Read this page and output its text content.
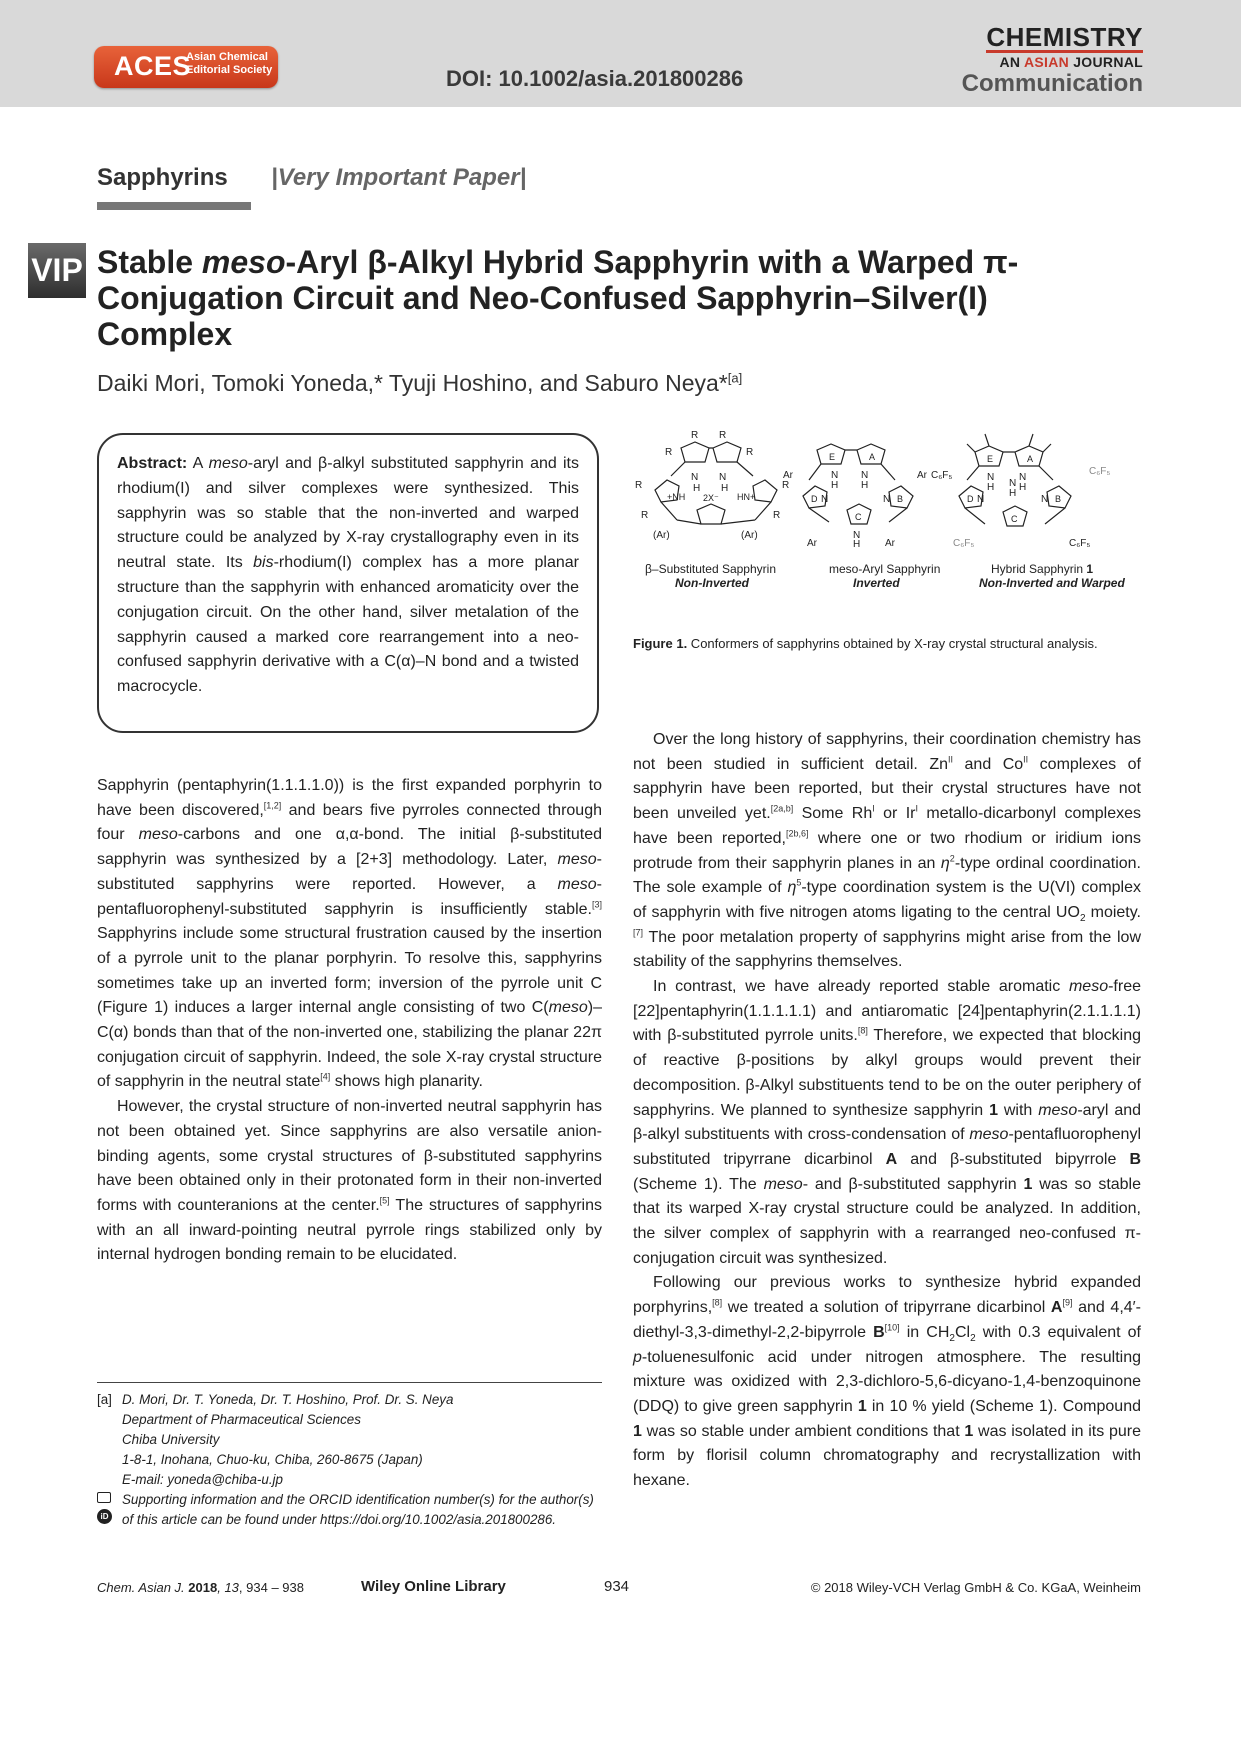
ACES
Asian Chemical
Editorial Society	DOI: 10.1002/asia.201800286
CHEMISTRY
AN ASIAN JOURNAL
Communication
Sapphyrins |Very Important Paper|
VIP Stable meso-Aryl β-Alkyl Hybrid Sapphyrin with a Warped π-Conjugation Circuit and Neo-Confused Sapphyrin–Silver(I) Complex
Daiki Mori, Tomoki Yoneda,* Tyuji Hoshino, and Saburo Neya*[a]
Abstract: A meso-aryl and β-alkyl substituted sapphyrin and its rhodium(I) and silver complexes were synthesized. This sapphyrin was so stable that the non-inverted and warped structure could be analyzed by X-ray crystallography even in its neutral state. Its bis-rhodium(I) complex has a more planar structure than the sapphyrin with enhanced aromaticity over the conjugation circuit. On the other hand, silver metalation of the sapphyrin caused a marked core rearrangement into a neo-confused sapphyrin derivative with a C(α)–N bond and a twisted macrocycle.
R R
R	R
R	R
R	R
N N
H H
2X⁻
+NH	HN+
(Ar)	(Ar)
E	A
D	B
C
Ar	Ar
Ar	Ar
N N
H H
N	N
N
H
E	A
D	B
C
C₆F₅	C₆F₅
C₆F₅	C₆F₅
N N
H H
N	N
N
H
β–Substituted Sapphyrin
Non-Inverted
meso-Aryl Sapphyrin
Inverted
Hybrid Sapphyrin 1
Non-Inverted and Warped
Figure 1. Conformers of sapphyrins obtained by X-ray crystal structural analysis.

Sapphyrin (pentaphyrin(1.1.1.1.0)) is the first expanded porphyrin to have been discovered,[1,2] and bears five pyrroles connected through four meso-carbons and one α,α-bond. The initial β-substituted sapphyrin was synthesized by a [2+3] methodology. Later, meso-substituted sapphyrins were reported. However, a meso-pentafluorophenyl-substituted sapphyrin is insufficiently stable.[3] Sapphyrins include some structural frustration caused by the insertion of a pyrrole unit to the planar porphyrin. To resolve this, sapphyrins sometimes take up an inverted form; inversion of the pyrrole unit C (Figure 1) induces a larger internal angle consisting of two C(meso)–C(α) bonds than that of the non-inverted one, stabilizing the planar 22π conjugation circuit of sapphyrin. Indeed, the sole X-ray crystal structure of sapphyrin in the neutral state[4] shows high planarity.

However, the crystal structure of non-inverted neutral sapphyrin has not been obtained yet. Since sapphyrins are also versatile anion-binding agents, some crystal structures of β-substituted sapphyrins have been obtained only in their protonated form in their non-inverted forms with counteranions at the center.[5] The structures of sapphyrins with an all inward-pointing neutral pyrrole rings stabilized only by internal hydrogen bonding remain to be elucidated.

Over the long history of sapphyrins, their coordination chemistry has not been studied in sufficient detail. $Zn^{II}$ and $Co^{II}$ complexes of sapphyrin have been reported, but their crystal structures have not been unveiled yet.[2a,b] Some $Rh^I$ or $Ir^I$ metallo-dicarbonyl complexes have been reported,[2b,6] where one or two rhodium or iridium ions protrude from their sapphyrin planes in an $\eta^2$-type ordinal coordination. The sole example of $\eta^5$-type coordination system is the U(VI) complex of sapphyrin with five nitrogen atoms ligating to the central $UO_2$ moiety.[7] The poor metalation property of sapphyrins might arise from the low stability of the sapphyrins themselves.

In contrast, we have already reported stable aromatic meso-free [22]pentaphyrin(1.1.1.1.1) and antiaromatic [24]pentaphyrin(2.1.1.1.1) with β-substituted pyrrole units.[8] Therefore, we expected that blocking of reactive β-positions by alkyl groups would prevent their decomposition. β-Alkyl substituents tend to be on the outer periphery of sapphyrins. We planned to synthesize sapphyrin 1 with meso-aryl and β-alkyl substituents with cross-condensation of meso-pentafluorophenyl substituted tripyrrane dicarbinol A and β-substituted bipyrrole B (Scheme 1). The meso- and β-substituted sapphyrin 1 was so stable that its warped X-ray crystal structure could be analyzed. In addition, the silver complex of sapphyrin with a rearranged neo-confused π-conjugation circuit was synthesized.

Following our previous works to synthesize hybrid expanded porphyrins,[8] we treated a solution of tripyrrane dicarbinol A[9] and 4,4′-diethyl-3,3-dimethyl-2,2-bipyrrole B[10] in $CH_2Cl_2$ with 0.3 equivalent of p-toluenesulfonic acid under nitrogen atmosphere. The resulting mixture was oxidized with 2,3-dichloro-5,6-dicyano-1,4-benzoquinone (DDQ) to give green sapphyrin 1 in 10 % yield (Scheme 1). Compound 1 was so stable under ambient conditions that 1 was isolated in its pure form by florisil column chromatography and recrystallization with hexane.

[a] D. Mori, Dr. T. Yoneda, Dr. T. Hoshino, Prof. Dr. S. Neya
Department of Pharmaceutical Sciences
Chiba University
1-8-1, Inohana, Chuo-ku, Chiba, 260-8675 (Japan)
E-mail: yoneda@chiba-u.jp
iD
Supporting information and the ORCID identification number(s) for the author(s) of this article can be found under https://doi.org/10.1002/asia.201800286.
Chem. Asian J. 2018, 13, 934 – 938	Wiley Online Library	934	© 2018 Wiley-VCH Verlag GmbH & Co. KGaA, Weinheim
